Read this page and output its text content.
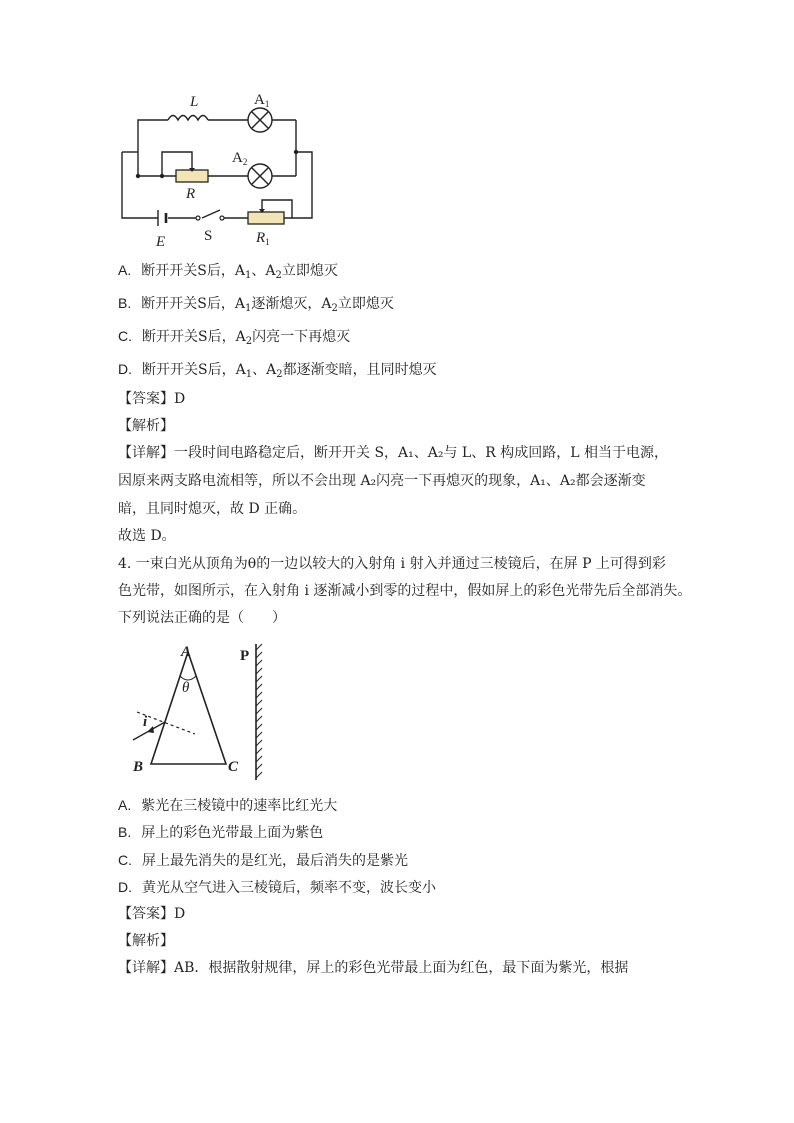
L	$A_1$
$A_2$
R
E	S	$R_1$
A. 断开开关S后，$A_1$、$A_2$立即熄灭
B. 断开开关S后，$A_1$逐渐熄灭，$A_2$立即熄灭
C. 断开开关S后，$A_2$闪亮一下再熄灭
D. 断开开关S后，$A_1$、$A_2$都逐渐变暗，且同时熄灭
【答案】D
【解析】
【详解】一段时间电路稳定后，断开开关 S，A₁、A₂与 L、R 构成回路，L 相当于电源，
因原来两支路电流相等，所以不会出现 A₂闪亮一下再熄灭的现象，A₁、A₂都会逐渐变
暗，且同时熄灭，故 D 正确。
故选 D。
4. 一束白光从顶角为θ的一边以较大的入射角 i 射入并通过三棱镜后，在屏 P 上可得到彩
色光带，如图所示，在入射角 i 逐渐减小到零的过程中，假如屏上的彩色光带先后全部消失。
下列说法正确的是（　　）
A
θ
i
B	C
P
A. 紫光在三棱镜中的速率比红光大
B. 屏上的彩色光带最上面为紫色
C. 屏上最先消失的是红光，最后消失的是紫光
D. 黄光从空气进入三棱镜后，频率不变，波长变小
【答案】D
【解析】
【详解】AB．根据散射规律，屏上的彩色光带最上面为红色，最下面为紫光，根据
